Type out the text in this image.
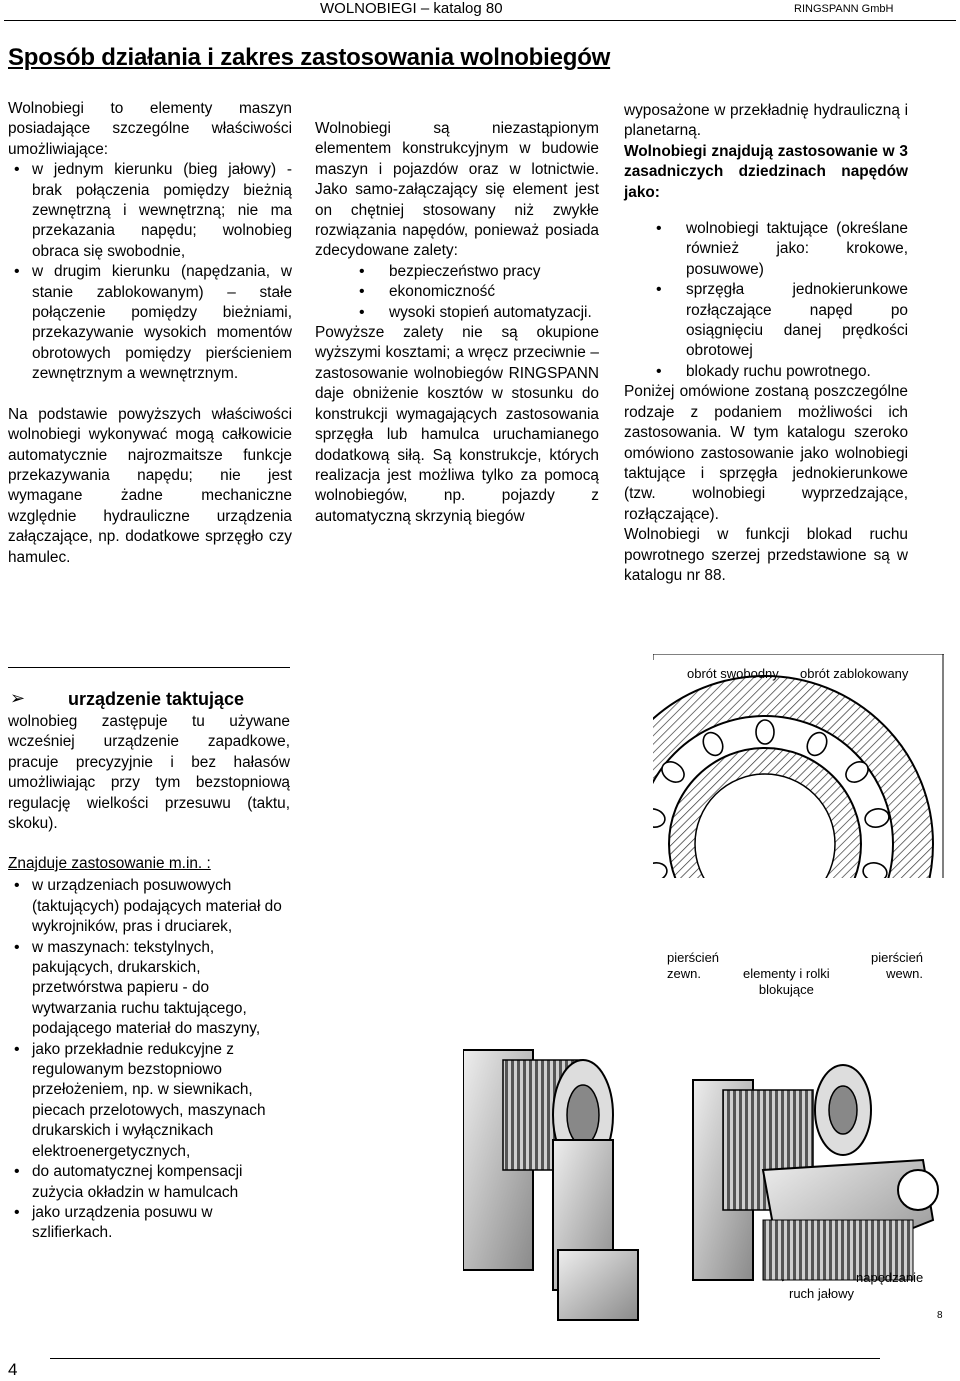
WOLNOBIEGI – katalog 80	RINGSPANN GmbH
Sposób działania i zakres zastosowania wolnobiegów

Wolnobiegi to elementy maszyn posiadające szczególne właściwości umożliwiające:

• w jednym kierunku (bieg jałowy) - brak połączenia pomiędzy bieżnią zewnętrzną i wewnętrzną; nie ma przekazania napędu; wolnobieg obraca się swobodnie,
• w drugim kierunku (napędzania, w stanie zablokowanym) – stałe połączenie pomiędzy bieżniami, przekazywanie wysokich momentów obrotowych pomiędzy pierścieniem zewnętrznym a wewnętrznym.

Na podstawie powyższych właściwości wolnobiegi wykonywać mogą całkowicie automatycznie najrozmaitsze funkcje przekazywania napędu; nie jest wymagane żadne mechaniczne względnie hydrauliczne urządzenia załączające, np. dodatkowe sprzęgło czy hamulec.

Wolnobiegi są niezastąpionym elementem konstrukcyjnym w budowie maszyn i pojazdów oraz w lotnictwie. Jako samo-załączający się element jest on chętniej stosowany niż zwykłe rozwiązania napędów, ponieważ posiada zdecydowane zalety:

• bezpieczeństwo pracy
• ekonomiczność
• wysoki stopień automatyzacji.

Powyższe zalety nie są okupione wyższymi kosztami; a wręcz przeciwnie – zastosowanie wolnobiegów RINGSPANN daje obniżenie kosztów w stosunku do konstrukcji wymagających zastosowania sprzęgła lub hamulca uruchamianego dodatkową siłą. Są konstrukcje, których realizacja jest możliwa tylko za pomocą wolnobiegów, np. pojazdy z automatyczną skrzynią biegów

wyposażone w przekładnię hydrauliczną i planetarną.

Wolnobiegi znajdują zastosowanie w 3 zasadniczych dziedzinach napędów jako:

• wolnobiegi taktujące (określane również jako: krokowe, posuwowe)
• sprzęgła jednokierunkowe rozłączające napęd po osiągnięciu danej prędkości obrotowej
• blokady ruchu powrotnego.

Poniżej omówione zostaną poszczególne rodzaje z podaniem możliwości ich zastosowania. W tym katalogu szeroko omówiono zastosowanie jako wolnobiegi taktujące i sprzęgła jednokierunkowe (tzw. wolnobiegi wyprzedzające, rozłączające).

Wolnobiegi w funkcji blokad ruchu powrotnego szerzej przedstawione są w katalogu nr 88.

➢ urządzenie taktujące

wolnobieg zastępuje tu używane wcześniej urządzenie zapadkowe, pracuje precyzyjnie i bez hałasów umożliwiając przy tym bezstopniową regulację wielkości przesuwu (taktu, skoku).

Znajduje zastosowanie m.in. :

• w urządzeniach posuwowych (taktujących) podających materiał do wykrojników, pras i druciarek,
• w maszynach: tekstylnych, pakujących, drukarskich, przetwórstwa papieru - do wytwarzania ruchu taktującego, podającego materiał do maszyny,
• jako przekładnie redukcyjne z regulowanym bezstopniowo przełożeniem, np. w siewnikach, piecach przelotowych, maszynach drukarskich i wyłącznikach elektroenergetycznych,
• do automatycznej kompensacji zużycia okładzin w hamulcach
• jako urządzenia posuwu w szlifierkach.
obrót swobodny obrót zablokowany
pierścień
zewn.	elementy i rolki
blokujące
pierścień
wewn.
napędzanie
ruch jałowy
8
4
